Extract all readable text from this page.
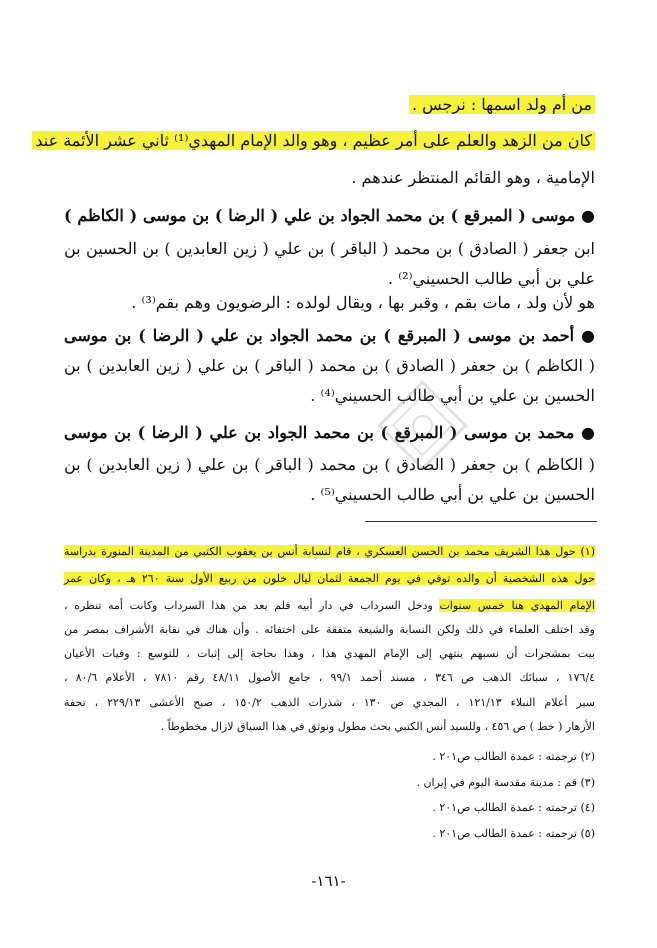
من أم ولد اسمها : نرجس .
كان من الزهد والعلم على أمر عظيم ، وهو والد الإمام المهدي⁽¹⁾ ثاني عشر الأئمة عند
الإمامية ، وهو القائم المنتظر عندهم .
● موسى ( المبرقع ) بن محمد الجواد بن علي ( الرضا ) بن موسى ( الكاظم )
ابن جعفر ( الصادق ) بن محمد ( الباقر ) بن علي ( زين العابدين ) بن الحسين بن
علي بن أبي طالب الحسيني⁽²⁾ .
هو لأن ولد ، مات بقم ، وقبر بها ، ويقال لولده : الرضويون وهم بقم⁽³⁾ .
● أحمد بن موسى ( المبرقع ) بن محمد الجواد بن علي ( الرضا ) بن موسى
( الكاظم ) بن جعفر ( الصادق ) بن محمد ( الباقر ) بن علي ( زين العابدين ) بن
الحسين بن علي بن أبي طالب الحسيني⁽⁴⁾ .
● محمد بن موسى ( المبرقع ) بن محمد الجواد بن علي ( الرضا ) بن موسى
( الكاظم ) بن جعفر ( الصادق ) بن محمد ( الباقر ) بن علي ( زين العابدين ) بن
الحسين بن علي بن أبي طالب الحسيني⁽⁵⁾ .
(١) حول هذا الشريف محمد بن الحسن العسكري ، قام لنسابة أنس بن يعقوب الكتبي من المدينة المنورة بدراسة
حول هذه الشخصية أن والده توفي في يوم الجمعة لثمان ليال خلون من ربيع الأول سنة ٢٦٠ هـ ، وكان عمر
الإمام المهدي هنا خمس سنوات ودخل السرداب في دار أبيه فلم يعد من هذا السرداب وكانت أمه تنظره ،
وقد اختلف العلماء في ذلك ولكن النسابة والشيعة متفقة على اختفائه . وأن هناك في نقابة الأشراف بمصر من
بيت بمشجرات أن نسبهم ينتهي إلى الإمام المهدي هذا ، وهذا بحاجة إلى إثبات ، للتوسع : وفيات الأعيان
١٧٦/٤ ، سبائك الذهب ص ٣٤٦ ، مسند أحمد ٩٩/١ ، جامع الأصول ٤٨/١١ رقم ٧٨١٠ ، الأعلام ٨٠/٦ ،
سير أعلام النبلاء ١٢١/١٣ ، المجدي ص ١٣٠ ، شذرات الذهب ١٥٠/٢ ، صبح الأعشى ٢٢٩/١٣ ، تحفة
الأزهار ( خط ) ص ٤٥٦ ، وللسيد أنس الكتبي بحث مطول ونوثق في هذا السياق لازال مخطوطاً .
(٢) ترجمته : عمدة الطالب ص٢٠١ .
(٣) قم : مدينة مقدسة اليوم في إيران .
(٤) ترجمته : عمدة الطالب ص٢٠١ .
(٥) ترجمته : عمدة الطالب ص٢٠١ .
-١٦١-
